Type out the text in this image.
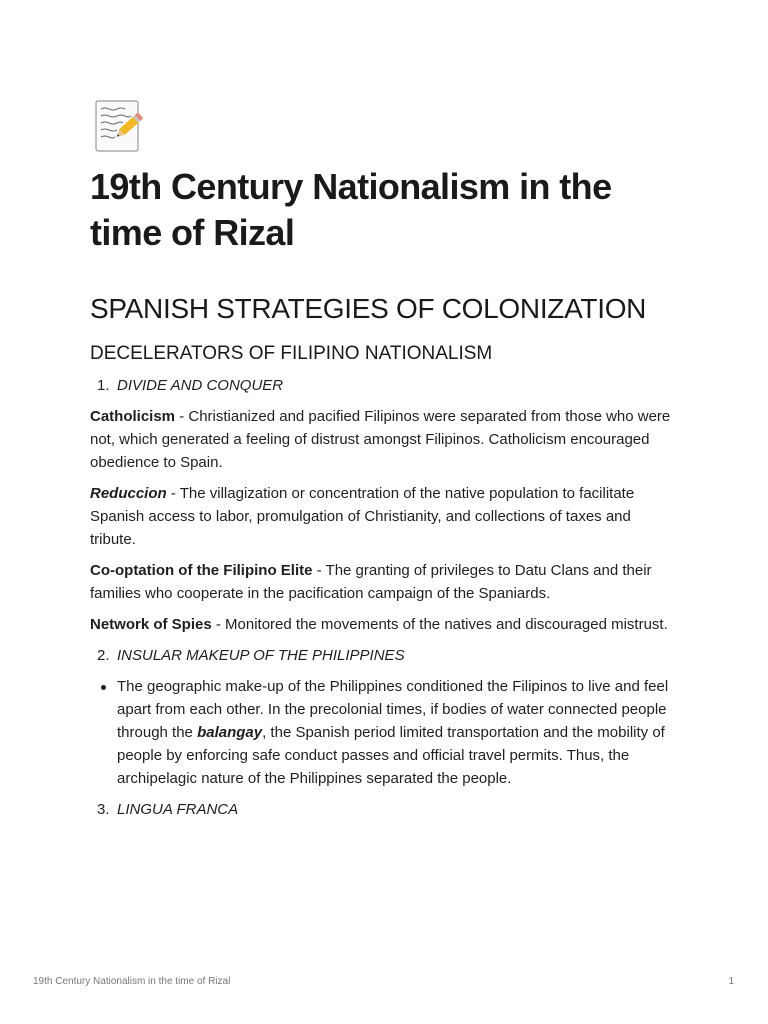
19th Century Nationalism in the time of Rizal
SPANISH STRATEGIES OF COLONIZATION
DECELERATORS OF FILIPINO NATIONALISM
1. DIVIDE AND CONQUER

Catholicism - Christianized and pacified Filipinos were separated from those who were not, which generated a feeling of distrust amongst Filipinos. Catholicism encouraged obedience to Spain.

Reduccion - The villagization or concentration of the native population to facilitate Spanish access to labor, promulgation of Christianity, and collections of taxes and tribute.

Co-optation of the Filipino Elite - The granting of privileges to Datu Clans and their families who cooperate in the pacification campaign of the Spaniards.

Network of Spies - Monitored the movements of the natives and discouraged mistrust.

2. INSULAR MAKEUP OF THE PHILIPPINES
The geographic make-up of the Philippines conditioned the Filipinos to live and feel apart from each other. In the precolonial times, if bodies of water connected people through the balangay, the Spanish period limited transportation and the mobility of people by enforcing safe conduct passes and official travel permits. Thus, the archipelagic nature of the Philippines separated the people.
3. LINGUA FRANCA
19th Century Nationalism in the time of Rizal	1
